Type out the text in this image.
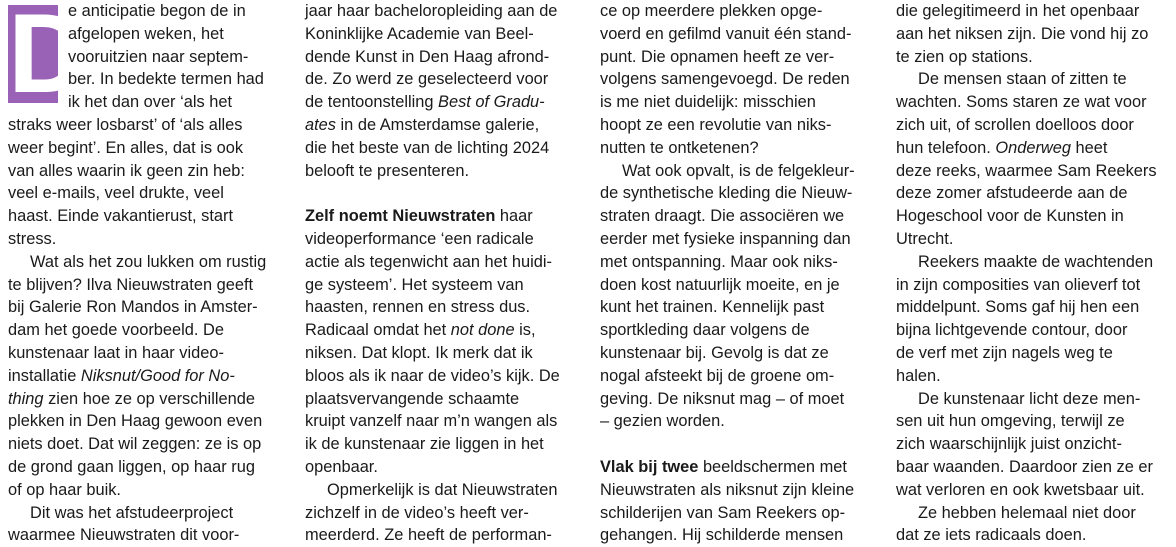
D
e anticipatie begon de in
afgelopen weken, het
vooruitzien naar septem-
ber. In bedekte termen had
ik het dan over ‘als het
straks weer losbarst’ of ‘als alles
weer begint’. En alles, dat is ook
van alles waarin ik geen zin heb:
veel e-mails, veel drukte, veel
haast. Einde vakantierust, start
stress.
Wat als het zou lukken om rustig
te blijven? Ilva Nieuwstraten geeft
bij Galerie Ron Mandos in Amster-
dam het goede voorbeeld. De
kunstenaar laat in haar video-
installatie Niksnut/Good for No-
thing zien hoe ze op verschillende
plekken in Den Haag gewoon even
niets doet. Dat wil zeggen: ze is op
de grond gaan liggen, op haar rug
of op haar buik.
Dit was het afstudeerproject
waarmee Nieuwstraten dit voor-
jaar haar bacheloropleiding aan de
Koninklijke Academie van Beel-
dende Kunst in Den Haag afrond-
de. Zo werd ze geselecteerd voor
de tentoonstelling Best of Gradu-
ates in de Amsterdamse galerie,
die het beste van de lichting 2024
belooft te presenteren.
Zelf noemt Nieuwstraten haar
videoperformance ‘een radicale
actie als tegenwicht aan het huidi-
ge systeem’. Het systeem van
haasten, rennen en stress dus.
Radicaal omdat het not done is,
niksen. Dat klopt. Ik merk dat ik
bloos als ik naar de video’s kijk. De
plaatsvervangende schaamte
kruipt vanzelf naar m’n wangen als
ik de kunstenaar zie liggen in het
openbaar.
Opmerkelijk is dat Nieuwstraten
zichzelf in de video’s heeft ver-
meerderd. Ze heeft de performan-
ce op meerdere plekken opge-
voerd en gefilmd vanuit één stand-
punt. Die opnamen heeft ze ver-
volgens samengevoegd. De reden
is me niet duidelijk: misschien
hoopt ze een revolutie van niks-
nutten te ontketenen?
Wat ook opvalt, is de felgekleur-
de synthetische kleding die Nieuw-
straten draagt. Die associëren we
eerder met fysieke inspanning dan
met ontspanning. Maar ook niks-
doen kost natuurlijk moeite, en je
kunt het trainen. Kennelijk past
sportkleding daar volgens de
kunstenaar bij. Gevolg is dat ze
nogal afsteekt bij de groene om-
geving. De niksnut mag – of moet
– gezien worden.
Vlak bij twee beeldschermen met
Nieuwstraten als niksnut zijn kleine
schilderijen van Sam Reekers op-
gehangen. Hij schilderde mensen
die gelegitimeerd in het openbaar
aan het niksen zijn. Die vond hij zo
te zien op stations.
De mensen staan of zitten te
wachten. Soms staren ze wat voor
zich uit, of scrollen doelloos door
hun telefoon. Onderweg heet
deze reeks, waarmee Sam Reekers
deze zomer afstudeerde aan de
Hogeschool voor de Kunsten in
Utrecht.
Reekers maakte de wachtenden
in zijn composities van olieverf tot
middelpunt. Soms gaf hij hen een
bijna lichtgevende contour, door
de verf met zijn nagels weg te
halen.
De kunstenaar licht deze men-
sen uit hun omgeving, terwijl ze
zich waarschijnlijk juist onzicht-
baar waanden. Daardoor zien ze er
wat verloren en ook kwetsbaar uit.
Ze hebben helemaal niet door
dat ze iets radicaals doen.
